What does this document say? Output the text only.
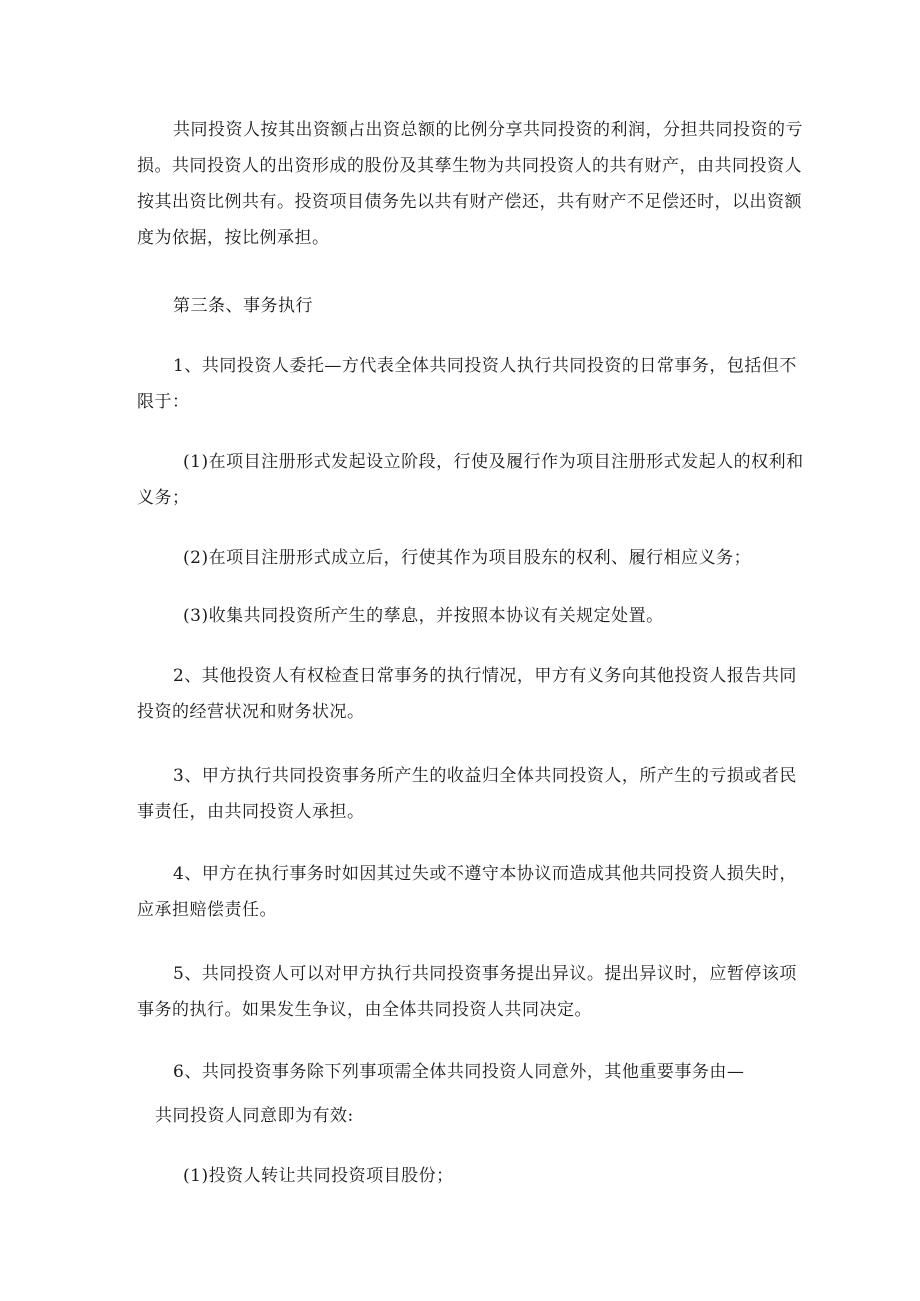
共同投资人按其出资额占出资总额的比例分享共同投资的利润，分担共同投资的亏
损。共同投资人的出资形成的股份及其孳生物为共同投资人的共有财产，由共同投资人
按其出资比例共有。投资项目债务先以共有财产偿还，共有财产不足偿还时，以出资额
度为依据，按比例承担。

第三条、事务执行

1、共同投资人委托—方代表全体共同投资人执行共同投资的日常事务，包括但不
限于：

(1)在项目注册形式发起设立阶段，行使及履行作为项目注册形式发起人的权利和
义务；

(2)在项目注册形式成立后，行使其作为项目股东的权利、履行相应义务；

(3)收集共同投资所产生的孳息，并按照本协议有关规定处置。

2、其他投资人有权检查日常事务的执行情况，甲方有义务向其他投资人报告共同
投资的经营状况和财务状况。

3、甲方执行共同投资事务所产生的收益归全体共同投资人，所产生的亏损或者民
事责任，由共同投资人承担。

4、甲方在执行事务时如因其过失或不遵守本协议而造成其他共同投资人损失时，
应承担赔偿责任。

5、共同投资人可以对甲方执行共同投资事务提出异议。提出异议时，应暂停该项
事务的执行。如果发生争议，由全体共同投资人共同决定。

6、共同投资事务除下列事项需全体共同投资人同意外，其他重要事务由—

共同投资人同意即为有效:

(1)投资人转让共同投资项目股份；
